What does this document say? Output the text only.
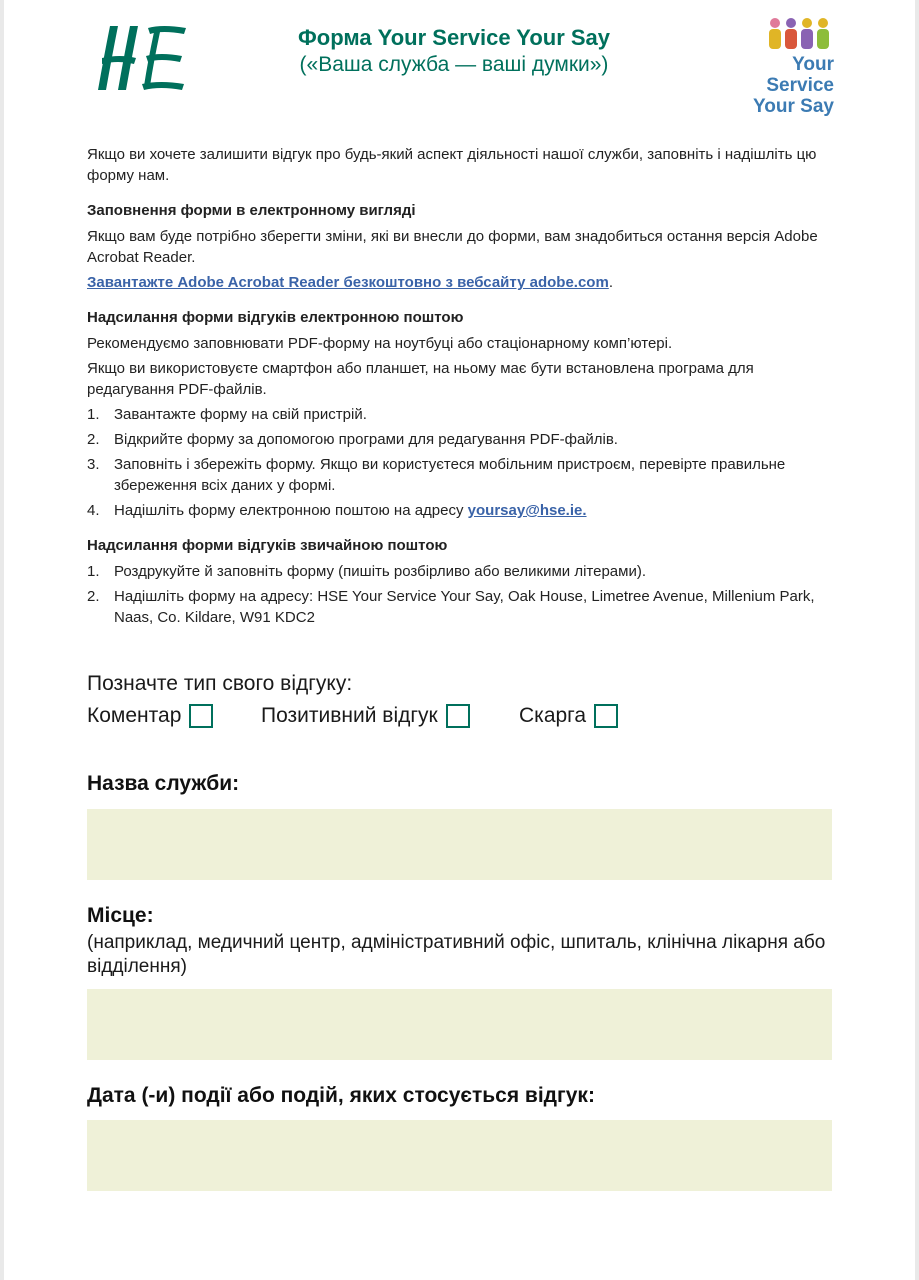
Форма Your Service Your Say
(«Ваша служба — ваші думки»)	Your Service
Your Say

Якщо ви хочете залишити відгук про будь-який аспект діяльності нашої служби, заповніть і надішліть цю форму нам.

Заповнення форми в електронному вигляді

Якщо вам буде потрібно зберегти зміни, які ви внесли до форми, вам знадобиться остання версія Adobe Acrobat Reader.

Завантажте Adobe Acrobat Reader безкоштовно з вебсайту adobe.com.

Надсилання форми відгуків електронною поштою

Рекомендуємо заповнювати PDF-форму на ноутбуці або стаціонарному комп’ютері.

Якщо ви використовуєте смартфон або планшет, на ньому має бути встановлена програма для редагування PDF-файлів.

1. Завантажте форму на свій пристрій.
2. Відкрийте форму за допомогою програми для редагування PDF-файлів.
3. Заповніть і збережіть форму. Якщо ви користуєтеся мобільним пристроєм, перевірте правильне збереження всіх даних у формі.
4. Надішліть форму електронною поштою на адресу yoursay@hse.ie.

Надсилання форми відгуків звичайною поштою

1. Роздрукуйте й заповніть форму (пишіть розбірливо або великими літерами).
2. Надішліть форму на адресу: HSE Your Service Your Say, Oak House, Limetree Avenue, Millenium Park, Naas, Co. Kildare, W91 KDC2
Позначте тип свого відгуку:
Коментар	Позитивний відгук	Скарга
Назва служби:
Місце:
(наприклад, медичний центр, адміністративний офіс, шпиталь, клінічна лікарня або відділення)
Дата (-и) події або подій, яких стосується відгук:
